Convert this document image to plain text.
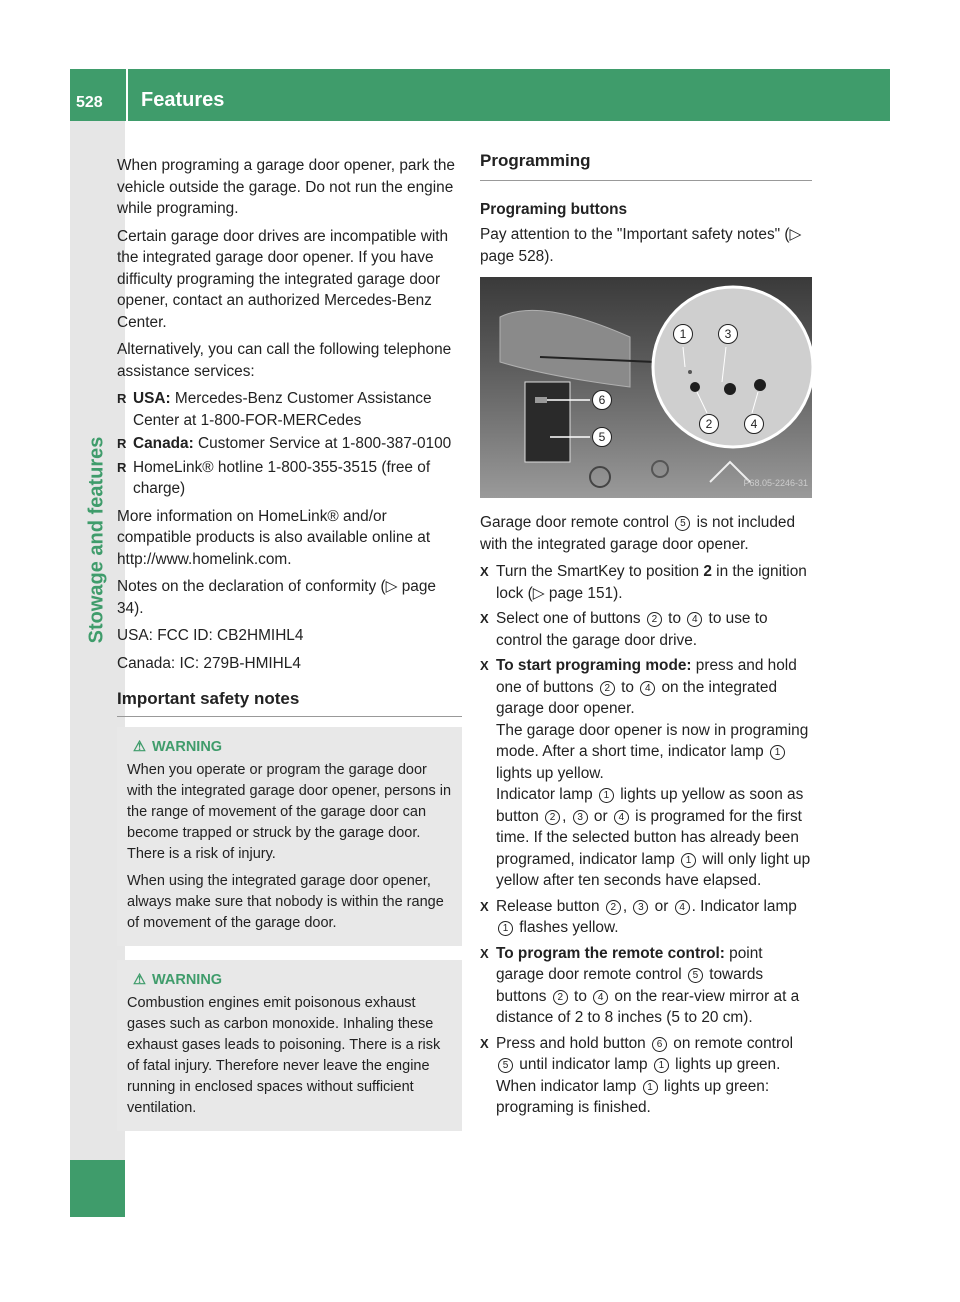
528 Features
Stowage and features

When programing a garage door opener, park the vehicle outside the garage. Do not run the engine while programing.

Certain garage door drives are incompatible with the integrated garage door opener. If you have difficulty programing the integrated garage door opener, contact an authorized Mercedes-Benz Center.

Alternatively, you can call the following telephone assistance services:

R USA: Mercedes-Benz Customer Assistance Center at 1-800-FOR-MERCedes
R Canada: Customer Service at 1-800-387-0100
R HomeLink® hotline 1-800-355-3515 (free of charge)

More information on HomeLink® and/or compatible products is also available online at http://www.homelink.com.

Notes on the declaration of conformity (▷ page 34).

USA: FCC ID: CB2HMIHL4

Canada: IC: 279B-HMIHL4

Important safety notes
⚠ WARNING

When you operate or program the garage door with the integrated garage door opener, persons in the range of movement of the garage door can become trapped or struck by the garage door. There is a risk of injury.

When using the integrated garage door opener, always make sure that nobody is within the range of movement of the garage door.

⚠ WARNING

Combustion engines emit poisonous exhaust gases such as carbon monoxide. Inhaling these exhaust gases leads to poisoning. There is a risk of fatal injury. Therefore never leave the engine running in enclosed spaces without sufficient ventilation.

Programming
Programing buttons

Pay attention to the "Important safety notes" (▷ page 528).

1	3
2	4
6
5
P68.05-2246-31

Garage door remote control 5 is not included with the integrated garage door opener.

X Turn the SmartKey to position 2 in the ignition lock (▷ page 151).
X Select one of buttons 2 to 4 to use to control the garage door drive.
X To start programing mode: press and hold one of buttons 2 to 4 on the integrated garage door opener.
The garage door opener is now in programing mode. After a short time, indicator lamp 1 lights up yellow.
Indicator lamp 1 lights up yellow as soon as button 2 , 3 or 4 is programed for the first time. If the selected button has already been programed, indicator lamp 1 will only light up yellow after ten seconds have elapsed.
X Release button 2 , 3 or 4 . Indicator lamp 1 flashes yellow.
X To program the remote control: point garage door remote control 5 towards buttons 2 to 4 on the rear-view mirror at a distance of 2 to 8 inches (5 to 20 cm).
X Press and hold button 6 on remote control 5 until indicator lamp 1 lights up green. When indicator lamp 1 lights up green: programing is finished.
